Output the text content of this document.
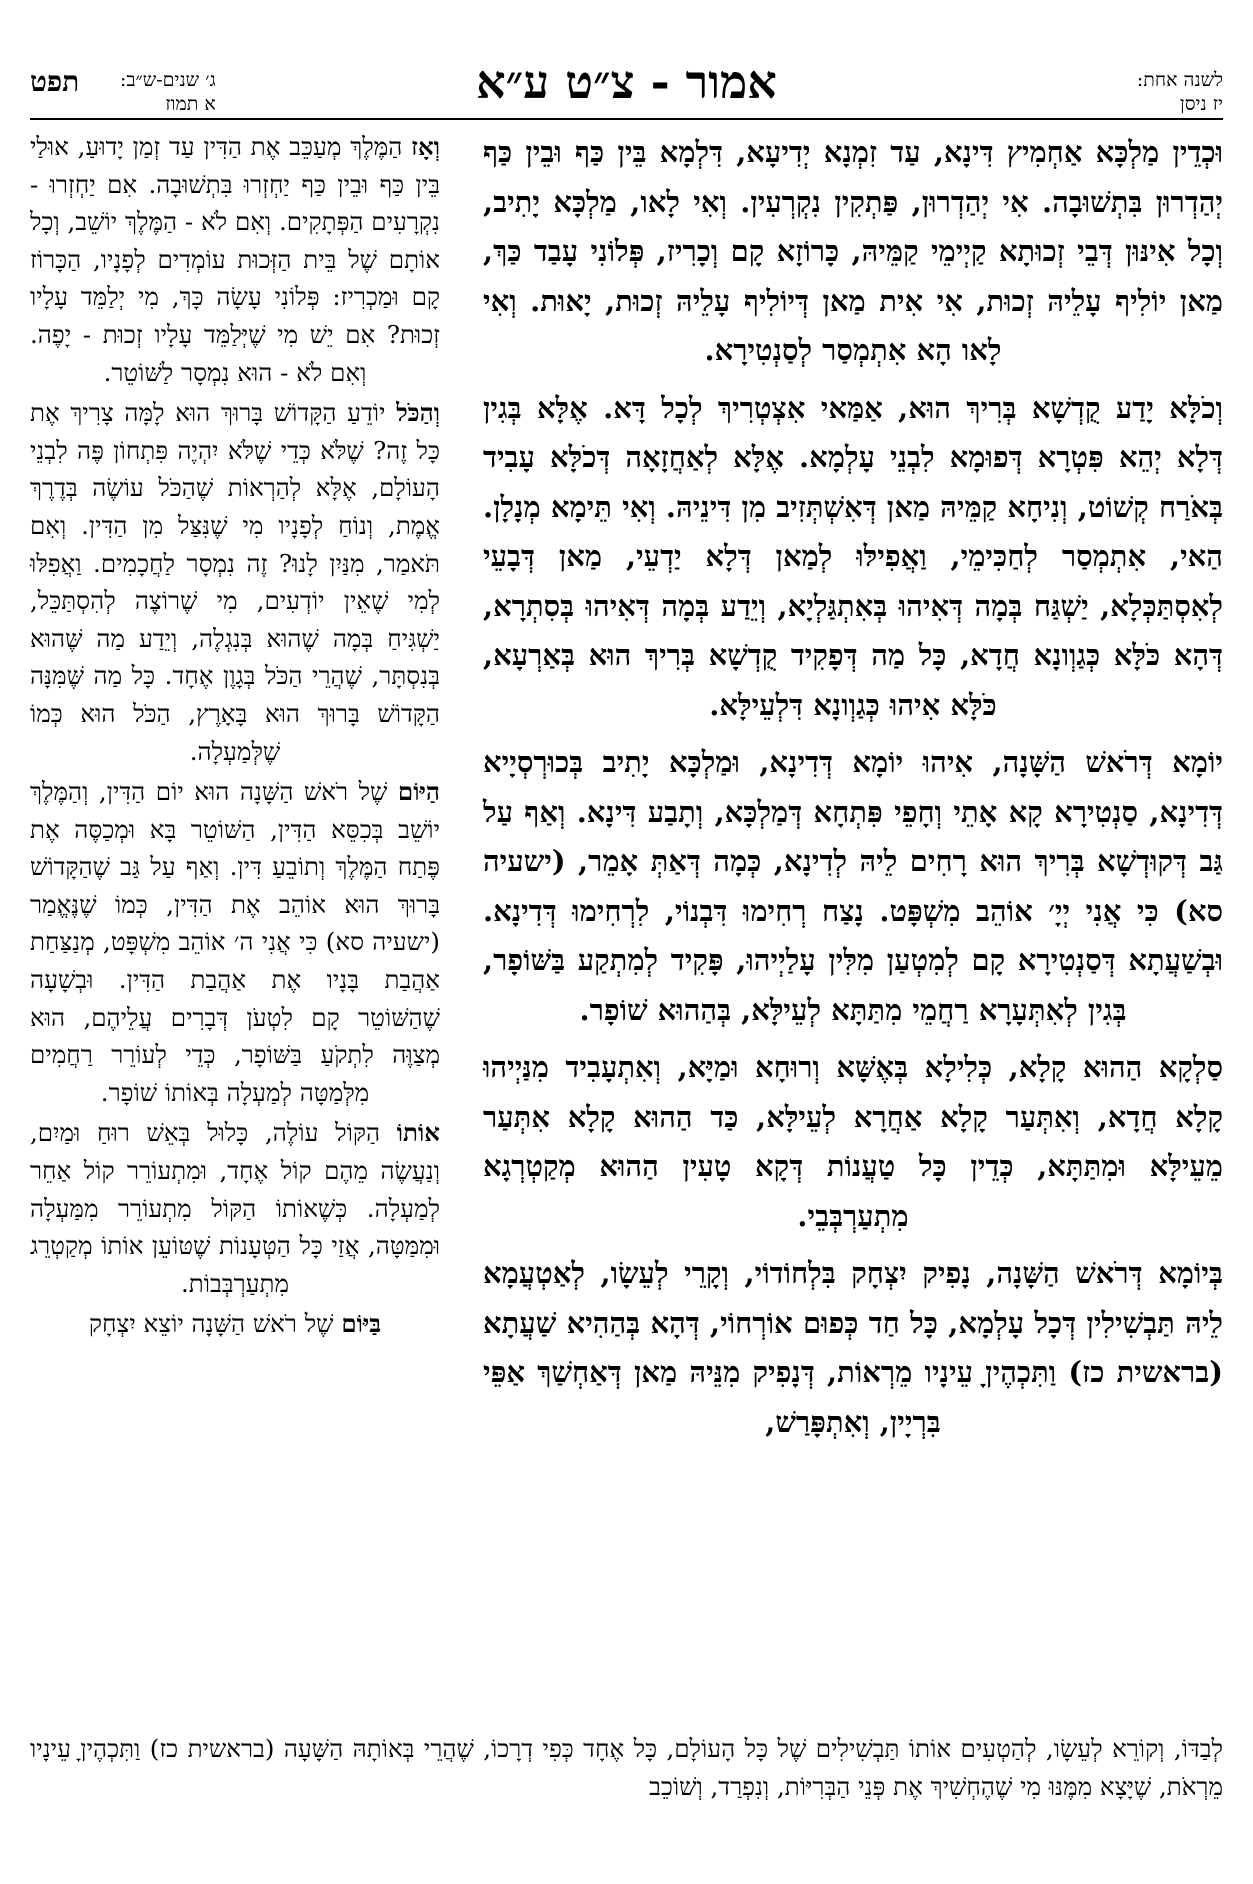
לשנה אחת:
יז ניסן
אמור - צ״ט ע״א
ג׳ שנים-ש״ב:
א תמוז
תפט

וּכְדֵין מַלְכָּא אַחְמִיץ דִּינָא, עַד זִמְנָא יְדִיעָא, דִּלְמָא בֵּין כַּף וּבֵין כַּף יְהַדְרוּן בִּתְשׁוּבָה. אִי יְהַדְרוּן, פַּתְקִין נִקְרְעִין. וְאִי לָאו, מַלְכָּא יָתִיב, וְכָל אִינּוּן דְּבֵי זְכוּתָא קַיְימֵי קַמֵּיהּ, כָּרוֹזָא קָם וְכָרִיז, פְּלוֹנִי עָבַד כַּךְ, מַאן יוֹלִיף עָלֵיהּ זְכוּת, אִי אִית מַאן דְּיוֹלִיף עָלֵיהּ זְכוּת, יָאוּת. וְאִי לָאו הָא אִתְמְסַר לְסַנְטִירָא.

וְכֹלָּא יָדַע קֻדְשָׁא בְּרִיךְ הוּא, אַמַּאי אִצְטְרִיךְ לְכָל דָּא. אֶלָּא בְּגִין דְּלָא יְהֵא פִּטְרָא דְּפוּמָא לִבְנֵי עָלְמָא. אֶלָּא לְאַחֲזָאָה דְּכֹלָּא עָבִיד בְּאֹרַח קְשׁוֹט, וְנִיחָא קַמֵּיהּ מַאן דְּאִשְׁתְּזִיב מִן דִּינֵיהּ. וְאִי תֵּימָא מְנָלָן. הַאי, אִתְמְסַר לְחַכִּימֵי, וַאֲפִילּוּ לְמַאן דְּלָא יַדְעֵי, מַאן דְּבָעֵי לְאִסְתַּכְּלָא, יַשְׁגַּח בְּמָה דְּאִיהוּ בְּאִתְגַּלְיָא, וְיֵדַע בְּמָה דְּאִיהוּ בְּסִתְרָא, דְּהָא כֹּלָּא כְּגַוְונָא חֲדָא, כָּל מַה דְּפָקִיד קֻדְשָׁא בְּרִיךְ הוּא בְּאַרְעָא, כֹּלָּא אִיהוּ כְּגַוְונָא דִּלְעֵילָּא.

יוֹמָא דְּרֹאשׁ הַשָּׁנָה, אִיהוּ יוֹמָא דְּדִינָא, וּמַלְכָּא יָתִיב בְּכוּרְסְיָיא דְּדִינָא, סַנְטִירָא קָא אָתֵי וְחָפֵי פִּתְחָא דְּמַלְכָּא, וְתָבַע דִּינָא. וְאַף עַל גַּב דְּקוּדְשָׁא בְּרִיךְ הוּא רָחִים לֵיהּ לְדִינָא, כְּמָה דְּאַתְּ אָמֵר, (ישעיה סא) כִּי אֲנִי יְיָ׳ אוֹהֵב מִשְׁפָּט. נָצַח רְחִימוּ דִּבְנוֹי, לִרְחִימוּ דְּדִינָא. וּבְשַׁעֲתָא דְּסַנְטִירָא קָם לְמִטְעַן מִלִּין עָלַיְיהוּ, פָּקִיד לְמִתְקַע בַּשּׁוֹפָר, בְּגִין לְאִתְּעָרָא רַחֲמֵי מִתַּתָּא לְעֵילָּא, בְּהַהוּא שׁוֹפָר.

סַלְקָא הַהוּא קָלָא, כְּלִילָא בְּאֶשָּׁא וְרוּחָא וּמַיָּא, וְאִתְעָבִיד מִנַּיְיהוּ קָלָא חֲדָא, וְאִתְּעַר קָלָא אַחֲרָא לְעֵילָּא, כַּד הַהוּא קָלָא אִתְּעַר מֵעֵילָּא וּמִתַּתָּא, כְּדֵין כָּל טַעֲנוֹת דְּקָא טָעִין הַהוּא מְקַטְרְגָא מִתְעַרְבְּבֵי.

בְּיוֹמָא דְּרֹאשׁ הַשָּׁנָה, נָפִיק יִצְחָק בִּלְחוֹדוֹי, וְקָרֵי לְעֵשָׂו, לְאַטְעֲמָא לֵיהּ תַּבְשִׁילִין דְּכָל עָלְמָא, כָּל חַד כְּפוּם אוֹרְחוֹי, דְּהָא בְּהַהִיא שַׁעֲתָא (בראשית כז) וַתִּכְהֶיןָ עֵינָיו מֵרְאוֹת, דְּנָפִיק מִנֵּיהּ מַאן דְּאַחְשַׁךְ אַפֵּי בִּרְיָין, וְאִתְפָּרַשׁ,

וְאָז הַמֶּלֶךְ מְעַכֵּב אֶת הַדִּין עַד זְמַן יָדוּעַ, אוּלַי בֵּין כַּף וּבֵין כַּף יַחְזְרוּ בִּתְשׁוּבָה. אִם יַחְזְרוּ - נִקְרָעִים הַפְּתָקִים. וְאִם לֹא - הַמֶּלֶךְ יוֹשֵׁב, וְכָל אוֹתָם שֶׁל בֵּית הַזְּכוּת עוֹמְדִים לְפָנָיו, הַכָּרוֹז קָם וּמַכְרִיז: פְּלוֹנִי עָשָׂה כָּךְ, מִי יְלַמֵּד עָלָיו זְכוּת? אִם יֵשׁ מִי שֶׁיְּלַמֵּד עָלָיו זְכוּת - יָפֶה. וְאִם לֹא - הוּא נִמְסָר לַשּׁוֹטֵר.

וְהַכֹּל יוֹדֵעַ הַקָּדוֹשׁ בָּרוּךְ הוּא לָמָּה צָרִיךְ אֶת כָּל זֶה? שֶׁלֹּא כְּדֵי שֶׁלֹּא יִהְיֶה פִּתְחוֹן פֶּה לִבְנֵי הָעוֹלָם, אֶלָּא לְהַרְאוֹת שֶׁהַכֹּל עוֹשֶׂה בְּדֶרֶךְ אֱמֶת, וְנוֹחַ לְפָנָיו מִי שֶׁנִּצַּל מִן הַדִּין. וְאִם תֹּאמַר, מִנַּיִן לָנוּ? זֶה נִמְסָר לַחֲכָמִים. וַאֲפִלּוּ לְמִי שֶׁאֵין יוֹדְעִים, מִי שֶׁרוֹצֶה לְהִסְתַּכֵּל, יַשְׁגִּיחַ בְּמָה שֶׁהוּא בְּנִגְלֶה, וְיֵדַע מַה שֶּׁהוּא בְּנִסְתָּר, שֶׁהֲרֵי הַכֹּל בְּגָוֶן אֶחָד. כָּל מַה שֶּׁמִּנָּה הַקָּדוֹשׁ בָּרוּךְ הוּא בָּאָרֶץ, הַכֹּל הוּא כְּמוֹ שֶׁלְּמַעְלָה.

הַיּוֹם שֶׁל רֹאשׁ הַשָּׁנָה הוּא יוֹם הַדִּין, וְהַמֶּלֶךְ יוֹשֵׁב בְּכִסֵּא הַדִּין, הַשּׁוֹטֵר בָּא וּמְכַסֶּה אֶת פֶּתַח הַמֶּלֶךְ וְתוֹבֵעַ דִּין. וְאַף עַל גַּב שֶׁהַקָּדוֹשׁ בָּרוּךְ הוּא אוֹהֵב אֶת הַדִּין, כְּמוֹ שֶׁנֶּאֱמַר (ישעיה סא) כִּי אֲנִי ה׳ אוֹהֵב מִשְׁפָּט, מְנַצַּחַת אַהֲבַת בָּנָיו אֶת אַהֲבַת הַדִּין. וּבְשָׁעָה שֶׁהַשּׁוֹטֵר קָם לִטְעֹן דְּבָרִים עֲלֵיהֶם, הוּא מְצַוֶּה לִתְקֹעַ בַּשּׁוֹפָר, כְּדֵי לְעוֹרֵר רַחֲמִים מִלְּמַטָּה לְמַעְלָה בְּאוֹתוֹ שׁוֹפָר.

אוֹתוֹ הַקּוֹל עוֹלֶה, כָּלוּל בְּאֵשׁ רוּחַ וּמַיִם, וְנַעֲשֶׂה מֵהֶם קוֹל אֶחָד, וּמִתְעוֹרֵר קוֹל אַחֵר לְמַעְלָה. כְּשֶׁאוֹתוֹ הַקּוֹל מִתְעוֹרֵר מִמַּעְלָה וּמִמַּטָּה, אֲזַי כָּל הַטְּעָנוֹת שֶׁטּוֹעֵן אוֹתוֹ מְקַטְרֵג מִתְעַרְבְּבוֹת.

בַּיּוֹם שֶׁל רֹאשׁ הַשָּׁנָה יוֹצֵא יִצְחָק

לְבַדּוֹ, וְקוֹרֵא לְעֵשָׂו, לְהַטְעִים אוֹתוֹ תַּבְשִׁילִים שֶׁל כָּל הָעוֹלָם, כָּל אֶחָד כְּפִי דְרָכוֹ, שֶׁהֲרֵי בְּאוֹתָהּ הַשָּׁעָה (בראשית כז) וַתִּכְהֶיןָ עֵינָיו מֵרְאֹת, שֶׁיָּצָא מִמֶּנּוּ מִי שֶׁהֶחְשִׁיךְ אֶת פְּנֵי הַבְּרִיּוֹת, וְנִפְרַד, וְשׁוֹכֵב
